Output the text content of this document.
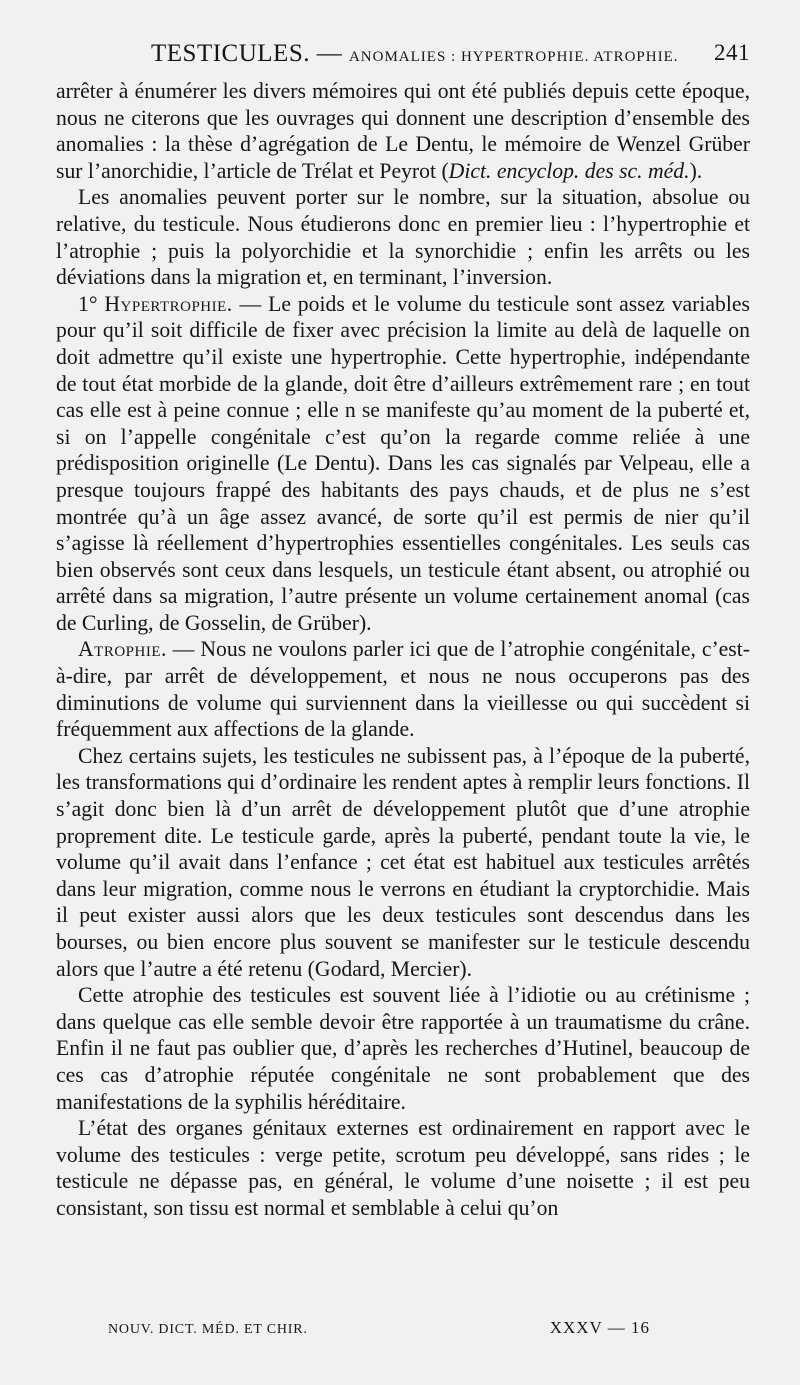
TESTICULES. — ANOMALIES : HYPERTROPHIE. ATROPHIE. 241

arrêter à énumérer les divers mémoires qui ont été publiés depuis cette époque, nous ne citerons que les ouvrages qui donnent une description d’ensemble des anomalies : la thèse d’agrégation de Le Dentu, le mémoire de Wenzel Grüber sur l’anorchidie, l’article de Trélat et Peyrot (Dict. encyclop. des sc. méd.).

Les anomalies peuvent porter sur le nombre, sur la situation, absolue ou relative, du testicule. Nous étudierons donc en premier lieu : l’hypertrophie et l’atrophie ; puis la polyorchidie et la synorchidie ; enfin les arrêts ou les déviations dans la migration et, en terminant, l’inversion.

1° Hypertrophie. — Le poids et le volume du testicule sont assez variables pour qu’il soit difficile de fixer avec précision la limite au delà de laquelle on doit admettre qu’il existe une hypertrophie. Cette hypertrophie, indépendante de tout état morbide de la glande, doit être d’ailleurs extrêmement rare ; en tout cas elle est à peine connue ; elle n se manifeste qu’au moment de la puberté et, si on l’appelle congénitale c’est qu’on la regarde comme reliée à une prédisposition originelle (Le Dentu). Dans les cas signalés par Velpeau, elle a presque toujours frappé des habitants des pays chauds, et de plus ne s’est montrée qu’à un âge assez avancé, de sorte qu’il est permis de nier qu’il s’agisse là réellement d’hypertrophies essentielles congénitales. Les seuls cas bien observés sont ceux dans lesquels, un testicule étant absent, ou atrophié ou arrêté dans sa migration, l’autre présente un volume certainement anomal (cas de Curling, de Gosselin, de Grüber).

Atrophie. — Nous ne voulons parler ici que de l’atrophie congénitale, c’est-à-dire, par arrêt de développement, et nous ne nous occuperons pas des diminutions de volume qui surviennent dans la vieillesse ou qui succèdent si fréquemment aux affections de la glande.

Chez certains sujets, les testicules ne subissent pas, à l’époque de la puberté, les transformations qui d’ordinaire les rendent aptes à remplir leurs fonctions. Il s’agit donc bien là d’un arrêt de développement plutôt que d’une atrophie proprement dite. Le testicule garde, après la puberté, pendant toute la vie, le volume qu’il avait dans l’enfance ; cet état est habituel aux testicules arrêtés dans leur migration, comme nous le verrons en étudiant la cryptorchidie. Mais il peut exister aussi alors que les deux testicules sont descendus dans les bourses, ou bien encore plus souvent se manifester sur le testicule descendu alors que l’autre a été retenu (Godard, Mercier).

Cette atrophie des testicules est souvent liée à l’idiotie ou au crétinisme ; dans quelque cas elle semble devoir être rapportée à un traumatisme du crâne. Enfin il ne faut pas oublier que, d’après les recherches d’Hutinel, beaucoup de ces cas d’atrophie réputée congénitale ne sont probablement que des manifestations de la syphilis héréditaire.

L’état des organes génitaux externes est ordinairement en rapport avec le volume des testicules : verge petite, scrotum peu développé, sans rides ; le testicule ne dépasse pas, en général, le volume d’une noisette ; il est peu consistant, son tissu est normal et semblable à celui qu’on

NOUV. DICT. MÉD. ET CHIR.	XXXV — 16
